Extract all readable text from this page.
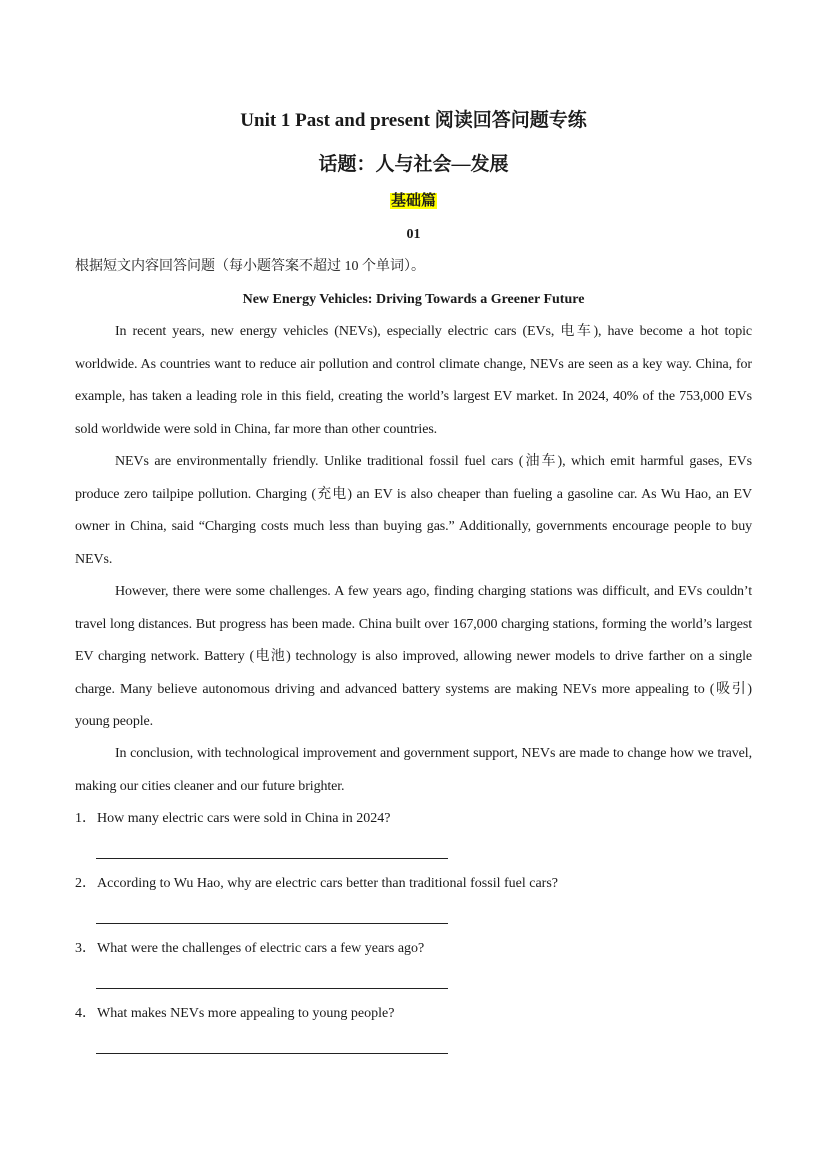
Unit 1 Past and present 阅读回答问题专练
话题：人与社会—发展
基础篇
01
根据短文内容回答问题（每小题答案不超过 10 个单词）。
New Energy Vehicles: Driving Towards a Greener Future
In recent years, new energy vehicles (NEVs), especially electric cars (EVs, 电车), have become a hot topic worldwide. As countries want to reduce air pollution and control climate change, NEVs are seen as a key way. China, for example, has taken a leading role in this field, creating the world’s largest EV market. In 2024, 40% of the 753,000 EVs sold worldwide were sold in China, far more than other countries.
NEVs are environmentally friendly. Unlike traditional fossil fuel cars (油车), which emit harmful gases, EVs produce zero tailpipe pollution. Charging (充电) an EV is also cheaper than fueling a gasoline car. As Wu Hao, an EV owner in China, said “Charging costs much less than buying gas.” Additionally, governments encourage people to buy NEVs.
However, there were some challenges. A few years ago, finding charging stations was difficult, and EVs couldn’t travel long distances. But progress has been made. China built over 167,000 charging stations, forming the world’s largest EV charging network. Battery (电池) technology is also improved, allowing newer models to drive farther on a single charge. Many believe autonomous driving and advanced battery systems are making NEVs more appealing to (吸引) young people.
In conclusion, with technological improvement and government support, NEVs are made to change how we travel, making our cities cleaner and our future brighter.
1．How many electric cars were sold in China in 2024?
2．According to Wu Hao, why are electric cars better than traditional fossil fuel cars?
3．What were the challenges of electric cars a few years ago?
4．What makes NEVs more appealing to young people?
